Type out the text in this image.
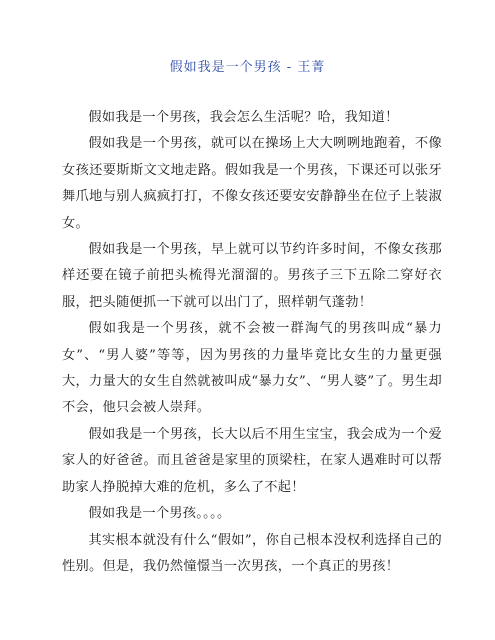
假如我是一个男孩 - 王菁

假如我是一个男孩，我会怎么生活呢？哈，我知道！

假如我是一个男孩，就可以在操场上大大咧咧地跑着，不像女孩还要斯斯文文地走路。假如我是一个男孩，下课还可以张牙舞爪地与别人疯疯打打，不像女孩还要安安静静坐在位子上装淑女。

假如我是一个男孩，早上就可以节约许多时间，不像女孩那样还要在镜子前把头梳得光溜溜的。男孩子三下五除二穿好衣服，把头随便抓一下就可以出门了，照样朝气蓬勃！

假如我是一个男孩，就不会被一群淘气的男孩叫成“暴力女”、“男人婆”等等，因为男孩的力量毕竟比女生的力量更强大，力量大的女生自然就被叫成“暴力女”、“男人婆”了。男生却不会，他只会被人崇拜。

假如我是一个男孩，长大以后不用生宝宝，我会成为一个爱家人的好爸爸。而且爸爸是家里的顶梁柱，在家人遇难时可以帮助家人挣脱掉大难的危机，多么了不起！

假如我是一个男孩。。。。

其实根本就没有什么“假如”，你自己根本没权利选择自己的性别。但是，我仍然憧憬当一次男孩，一个真正的男孩！
